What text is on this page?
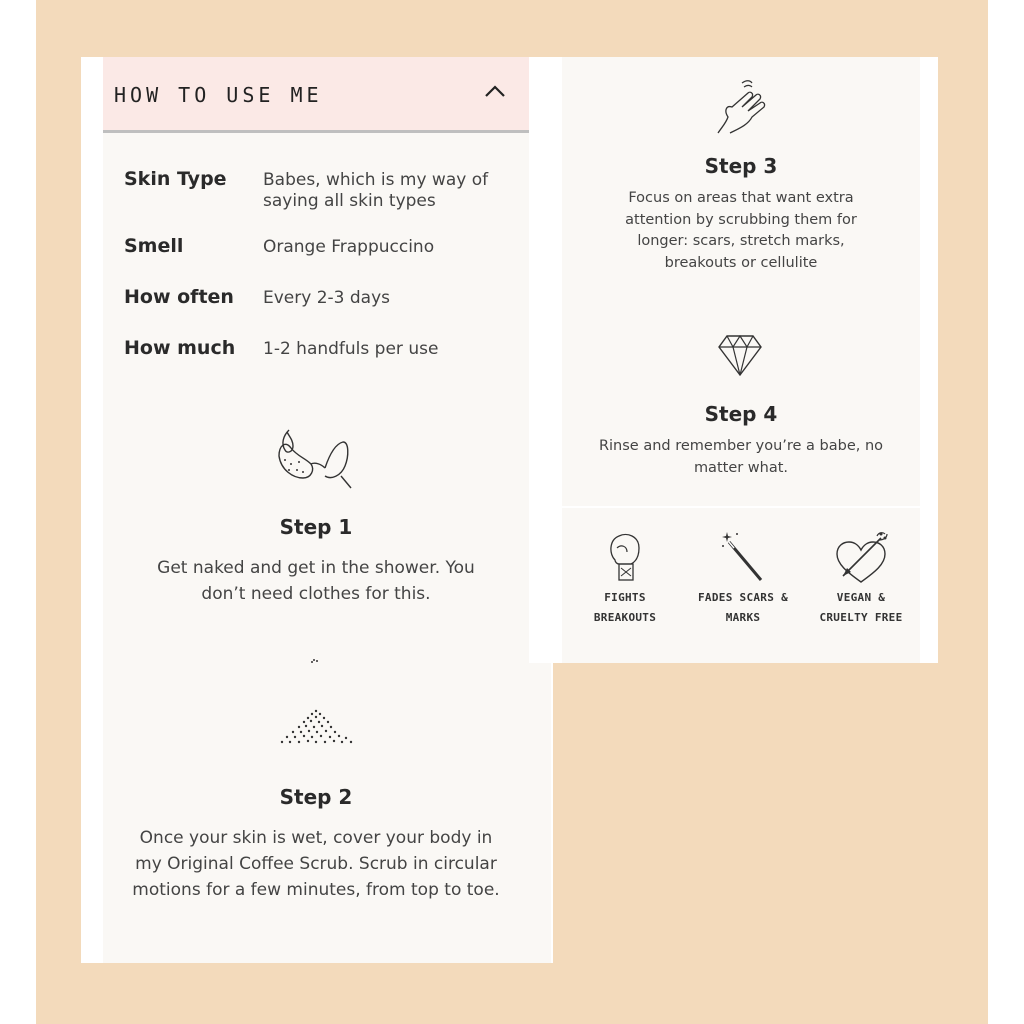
HOW TO USE ME
Skin Type	Babes, which is my way of saying all skin types
Smell	Orange Frappuccino
How often	Every 2-3 days
How much	1-2 handfuls per use
Step 1
Get naked and get in the shower. You don’t need clothes for this.
Step 2
Once your skin is wet, cover your body in my Original Coffee Scrub. Scrub in circular motions for a few minutes, from top to toe.
Step 3
Focus on areas that want extra attention by scrubbing them for longer: scars, stretch marks, breakouts or cellulite
Step 4
Rinse and remember you’re a babe, no matter what.
FIGHTS
BREAKOUTS
FADES SCARS &
MARKS
VEGAN &
CRUELTY FREE
